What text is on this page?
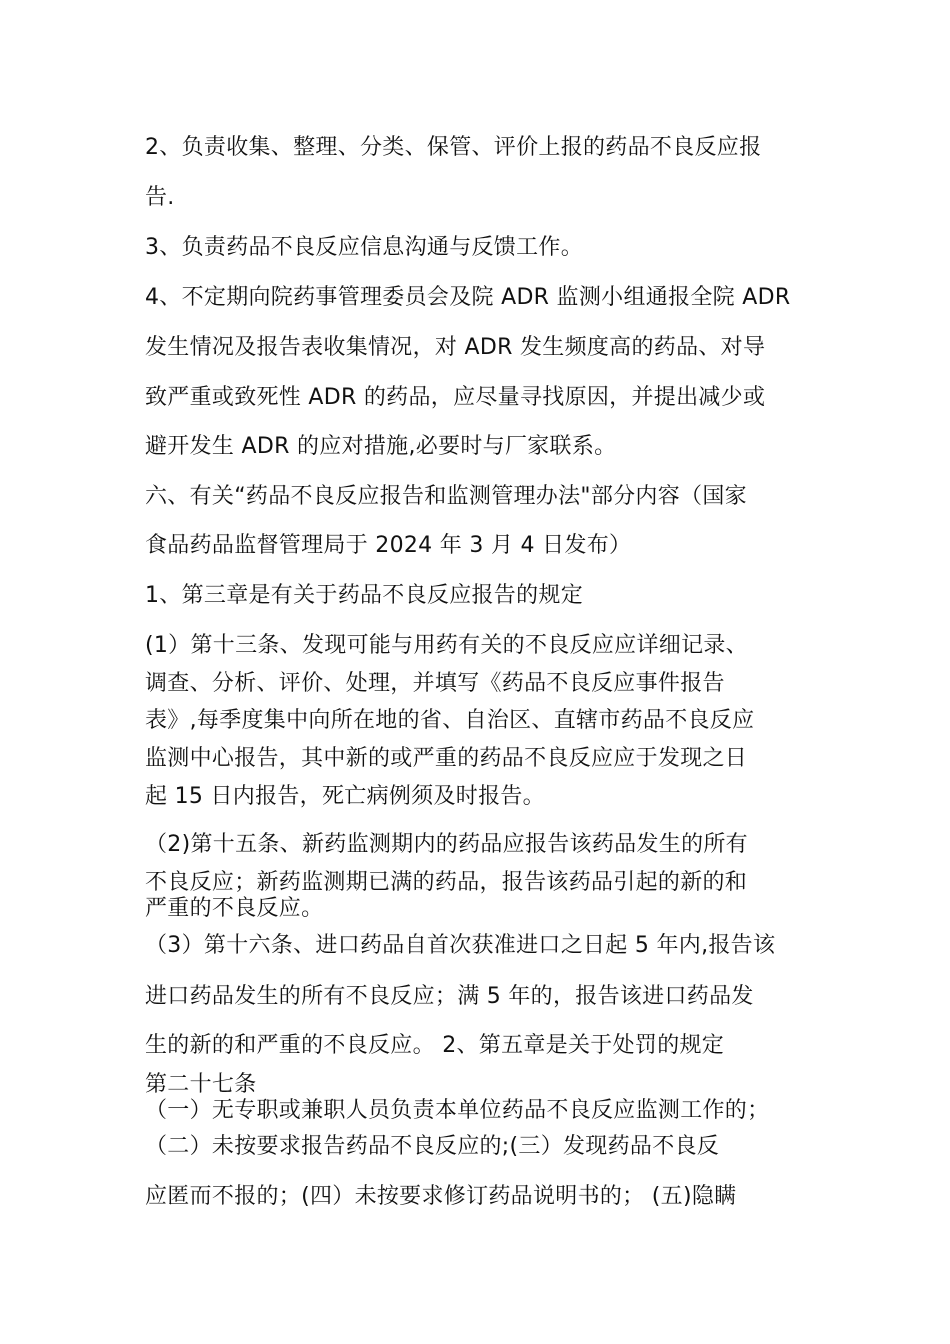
2、负责收集、整理、分类、保管、评价上报的药品不良反应报
告.
3、负责药品不良反应信息沟通与反馈工作。
4、不定期向院药事管理委员会及院 ADR 监测小组通报全院 ADR
发生情况及报告表收集情况，对 ADR 发生频度高的药品、对导
致严重或致死性 ADR 的药品，应尽量寻找原因，并提出减少或
避开发生 ADR 的应对措施,必要时与厂家联系。
六、有关“药品不良反应报告和监测管理办法"部分内容（国家
食品药品监督管理局于 2024 年 3 月 4 日发布）
1、第三章是有关于药品不良反应报告的规定
(1）第十三条、发现可能与用药有关的不良反应应详细记录、
调查、分析、评价、处理，并填写《药品不良反应事件报告
表》,每季度集中向所在地的省、自治区、直辖市药品不良反应
监测中心报告，其中新的或严重的药品不良反应应于发现之日
起 15 日内报告，死亡病例须及时报告。
（2)第十五条、新药监测期内的药品应报告该药品发生的所有
不良反应；新药监测期已满的药品，报告该药品引起的新的和
严重的不良反应。
（3）第十六条、进口药品自首次获准进口之日起 5 年内,报告该
进口药品发生的所有不良反应；满 5 年的，报告该进口药品发
生的新的和严重的不良反应。 2、第五章是关于处罚的规定
第二十七条
（一）无专职或兼职人员负责本单位药品不良反应监测工作的；
（二）未按要求报告药品不良反应的;(三）发现药品不良反
应匿而不报的；(四）未按要求修订药品说明书的； (五)隐瞒
